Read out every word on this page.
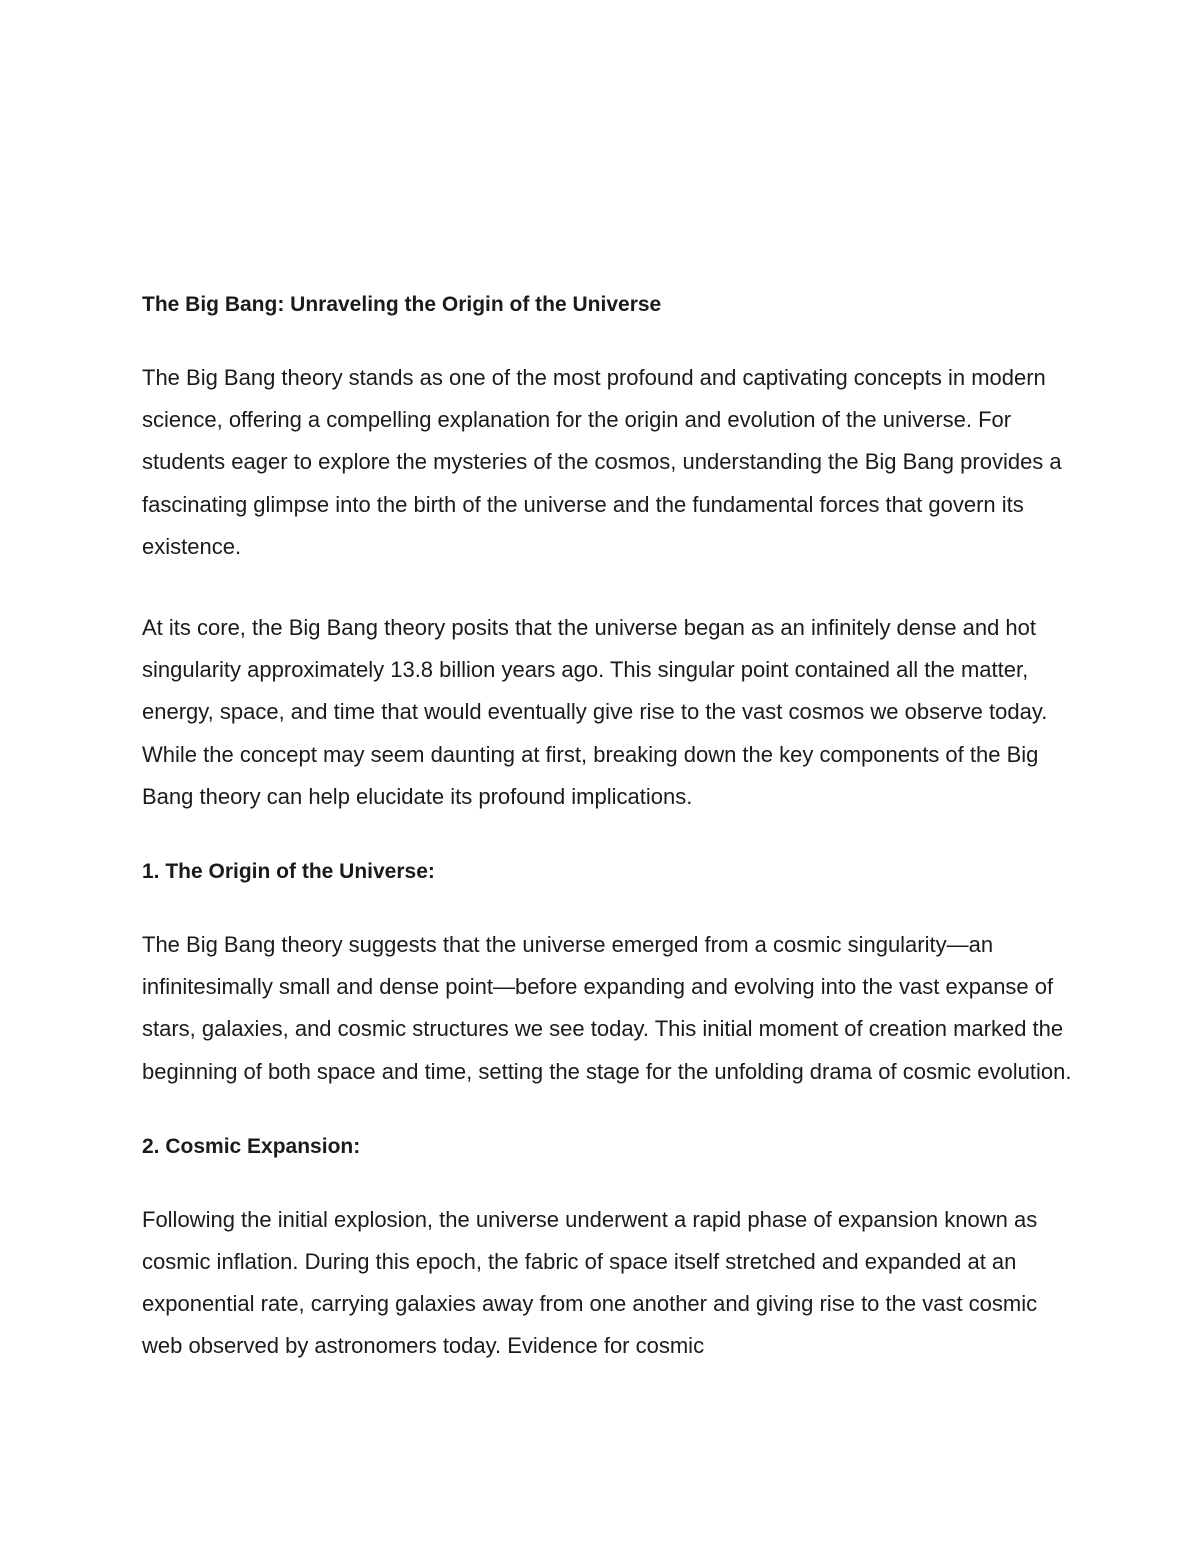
The Big Bang: Unraveling the Origin of the Universe

The Big Bang theory stands as one of the most profound and captivating concepts in modern science, offering a compelling explanation for the origin and evolution of the universe. For students eager to explore the mysteries of the cosmos, understanding the Big Bang provides a fascinating glimpse into the birth of the universe and the fundamental forces that govern its existence.

At its core, the Big Bang theory posits that the universe began as an infinitely dense and hot singularity approximately 13.8 billion years ago. This singular point contained all the matter, energy, space, and time that would eventually give rise to the vast cosmos we observe today. While the concept may seem daunting at first, breaking down the key components of the Big Bang theory can help elucidate its profound implications.

1. The Origin of the Universe:

The Big Bang theory suggests that the universe emerged from a cosmic singularity—an infinitesimally small and dense point—before expanding and evolving into the vast expanse of stars, galaxies, and cosmic structures we see today. This initial moment of creation marked the beginning of both space and time, setting the stage for the unfolding drama of cosmic evolution.

2. Cosmic Expansion:

Following the initial explosion, the universe underwent a rapid phase of expansion known as cosmic inflation. During this epoch, the fabric of space itself stretched and expanded at an exponential rate, carrying galaxies away from one another and giving rise to the vast cosmic web observed by astronomers today. Evidence for cosmic
